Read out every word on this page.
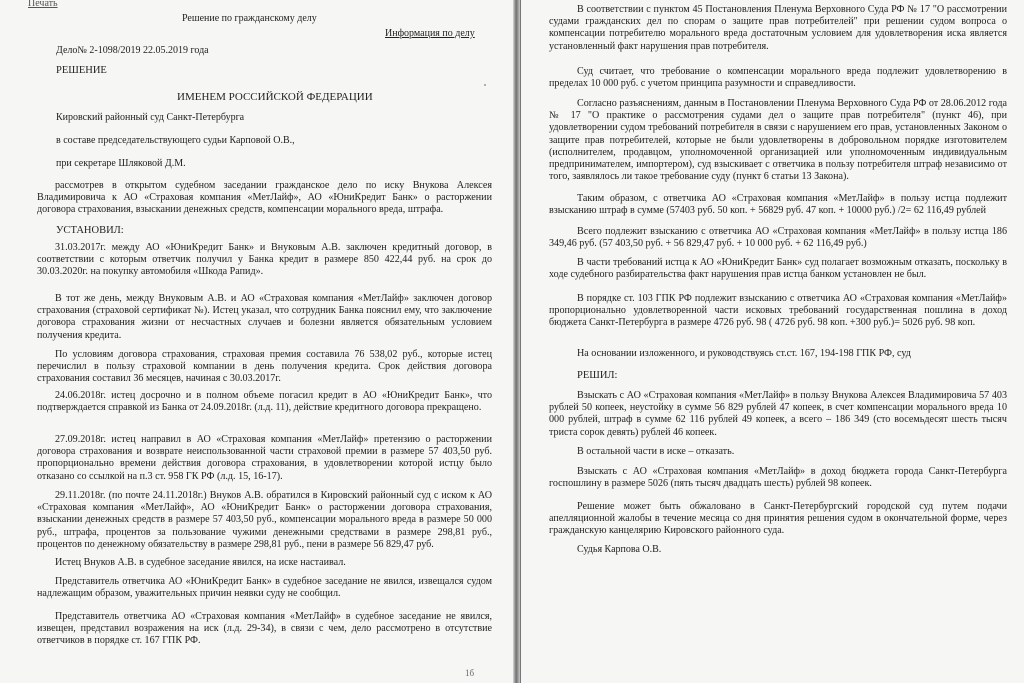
Печать
Решение по гражданскому делу
Информация по делу
Дело№ 2-1098/2019 22.05.2019 года
РЕШЕНИЕ
ИМЕНЕМ РОССИЙСКОЙ ФЕДЕРАЦИИ
Кировский районный суд Санкт-Петербурга
в составе председательствующего судьи Карповой О.В.,
при секретаре Шляковой Д.М.
рассмотрев в открытом судебном заседании гражданское дело по иску Внукова Алексея Владимировича к АО «Страховая компания «МетЛайф», АО «ЮниКредит Банк» о расторжении договора страхования, взыскании денежных средств, компенсации морального вреда, штрафа.
УСТАНОВИЛ:
31.03.2017г. между АО «ЮниКредит Банк» и Внуковым А.В. заключен кредитный договор, в соответствии с которым ответчик получил у Банка кредит в размере 850 422,44 руб. на срок до 30.03.2020г. на покупку автомобиля «Шкода Рапид».
В тот же день, между Внуковым А.В. и АО «Страховая компания «МетЛайф» заключен договор страхования (страховой сертификат №). Истец указал, что сотрудник Банка пояснил ему, что заключение договора страхования жизни от несчастных случаев и болезни является обязательным условием получения кредита.
По условиям договора страхования, страховая премия составила 76 538,02 руб., которые истец перечислил в пользу страховой компании в день получения кредита. Срок действия договора страхования составил 36 месяцев, начиная с 30.03.2017г.
24.06.2018г. истец досрочно и в полном объеме погасил кредит в АО «ЮниКредит Банк», что подтверждается справкой из Банка от 24.09.2018г. (л.д. 11), действие кредитного договора прекращено.
27.09.2018г. истец направил в АО «Страховая компания «МетЛайф» претензию о расторжении договора страхования и возврате неиспользованной части страховой премии в размере 57 403,50 руб. пропорционально времени действия договора страхования, в удовлетворении которой истцу было отказано со ссылкой на п.3 ст. 958 ГК РФ (л.д. 15, 16-17).
29.11.2018г. (по почте 24.11.2018г.) Внуков А.В. обратился в Кировский районный суд с иском к АО «Страховая компания «МетЛайф», АО «ЮниКредит Банк» о расторжении договора страхования, взыскании денежных средств в размере 57 403,50 руб., компенсации морального вреда в размере 50 000 руб., штрафа, процентов за пользование чужими денежными средствами в размере 298,81 руб., процентов по денежному обязательству в размере 298,81 руб., пени в размере 56 829,47 руб.
Истец Внуков А.В. в судебное заседание явился, на иске настаивал.
Представитель ответчика АО «ЮниКредит Банк» в судебное заседание не явился, извещался судом надлежащим образом, уважительных причин неявки суду не сообщил.
Представитель ответчика АО «Страховая компания «МетЛайф» в судебное заседание не явился, извещен, представил возражения на иск (л.д. 29-34), в связи с чем, дело рассмотрено в отсутствие ответчиков в порядке ст. 167 ГПК РФ.
1б
В соответствии с пунктом 45 Постановления Пленума Верховного Суда РФ № 17 "О рассмотрении судами гражданских дел по спорам о защите прав потребителей" при решении судом вопроса о компенсации потребителю морального вреда достаточным условием для удовлетворения иска является установленный факт нарушения прав потребителя.
Суд считает, что требование о компенсации морального вреда подлежит удовлетворению в пределах 10 000 руб. с учетом принципа разумности и справедливости.
Согласно разъяснениям, данным в Постановлении Пленума Верховного Суда РФ от 28.06.2012 года № 17 "О практике о рассмотрения судами дел о защите прав потребителя" (пункт 46), при удовлетворении судом требований потребителя в связи с нарушением его прав, установленных Законом о защите прав потребителей, которые не были удовлетворены в добровольном порядке изготовителем (исполнителем, продавцом, уполномоченной организацией или уполномоченным индивидуальным предпринимателем, импортером), суд взыскивает с ответчика в пользу потребителя штраф независимо от того, заявлялось ли такое требование суду (пункт 6 статьи 13 Закона).
Таким образом, с ответчика АО «Страховая компания «МетЛайф» в пользу истца подлежит взысканию штраф в сумме (57403 руб. 50 коп. + 56829 руб. 47 коп. + 10000 руб.) /2= 62 116,49 рублей
Всего подлежит взысканию с ответчика АО «Страховая компания «МетЛайф» в пользу истца 186 349,46 руб. (57 403,50 руб. + 56 829,47 руб. + 10 000 руб. + 62 116,49 руб.)
В части требований истца к АО «ЮниКредит Банк» суд полагает возможным отказать, поскольку в ходе судебного разбирательства факт нарушения прав истца банком установлен не был.
В порядке ст. 103 ГПК РФ подлежит взысканию с ответчика АО «Страховая компания «МетЛайф» пропорционально удовлетворенной части исковых требований государственная пошлина в доход бюджета Санкт-Петербурга в размере 4726 руб. 98 ( 4726 руб. 98 коп. +300 руб.)= 5026 руб. 98 коп.
На основании изложенного, и руководствуясь ст.ст. 167, 194-198 ГПК РФ, суд
РЕШИЛ:
Взыскать с АО «Страховая компания «МетЛайф» в пользу Внукова Алексея Владимировича 57 403 рублей 50 копеек, неустойку в сумме 56 829 рублей 47 копеек, в счет компенсации морального вреда 10 000 рублей, штраф в сумме 62 116 рублей 49 копеек, а всего – 186 349 (сто восемьдесят шесть тысяч триста сорок девять) рублей 46 копеек.
В остальной части в иске – отказать.
Взыскать с АО «Страховая компания «МетЛайф» в доход бюджета города Санкт-Петербурга госпошлину в размере 5026 (пять тысяч двадцать шесть) рублей 98 копеек.
Решение может быть обжаловано в Санкт-Петербургский городской суд путем подачи апелляционной жалобы в течение месяца со дня принятия решения судом в окончательной форме, через гражданскую канцелярию Кировского районного суда.
Судья Карпова О.В.
